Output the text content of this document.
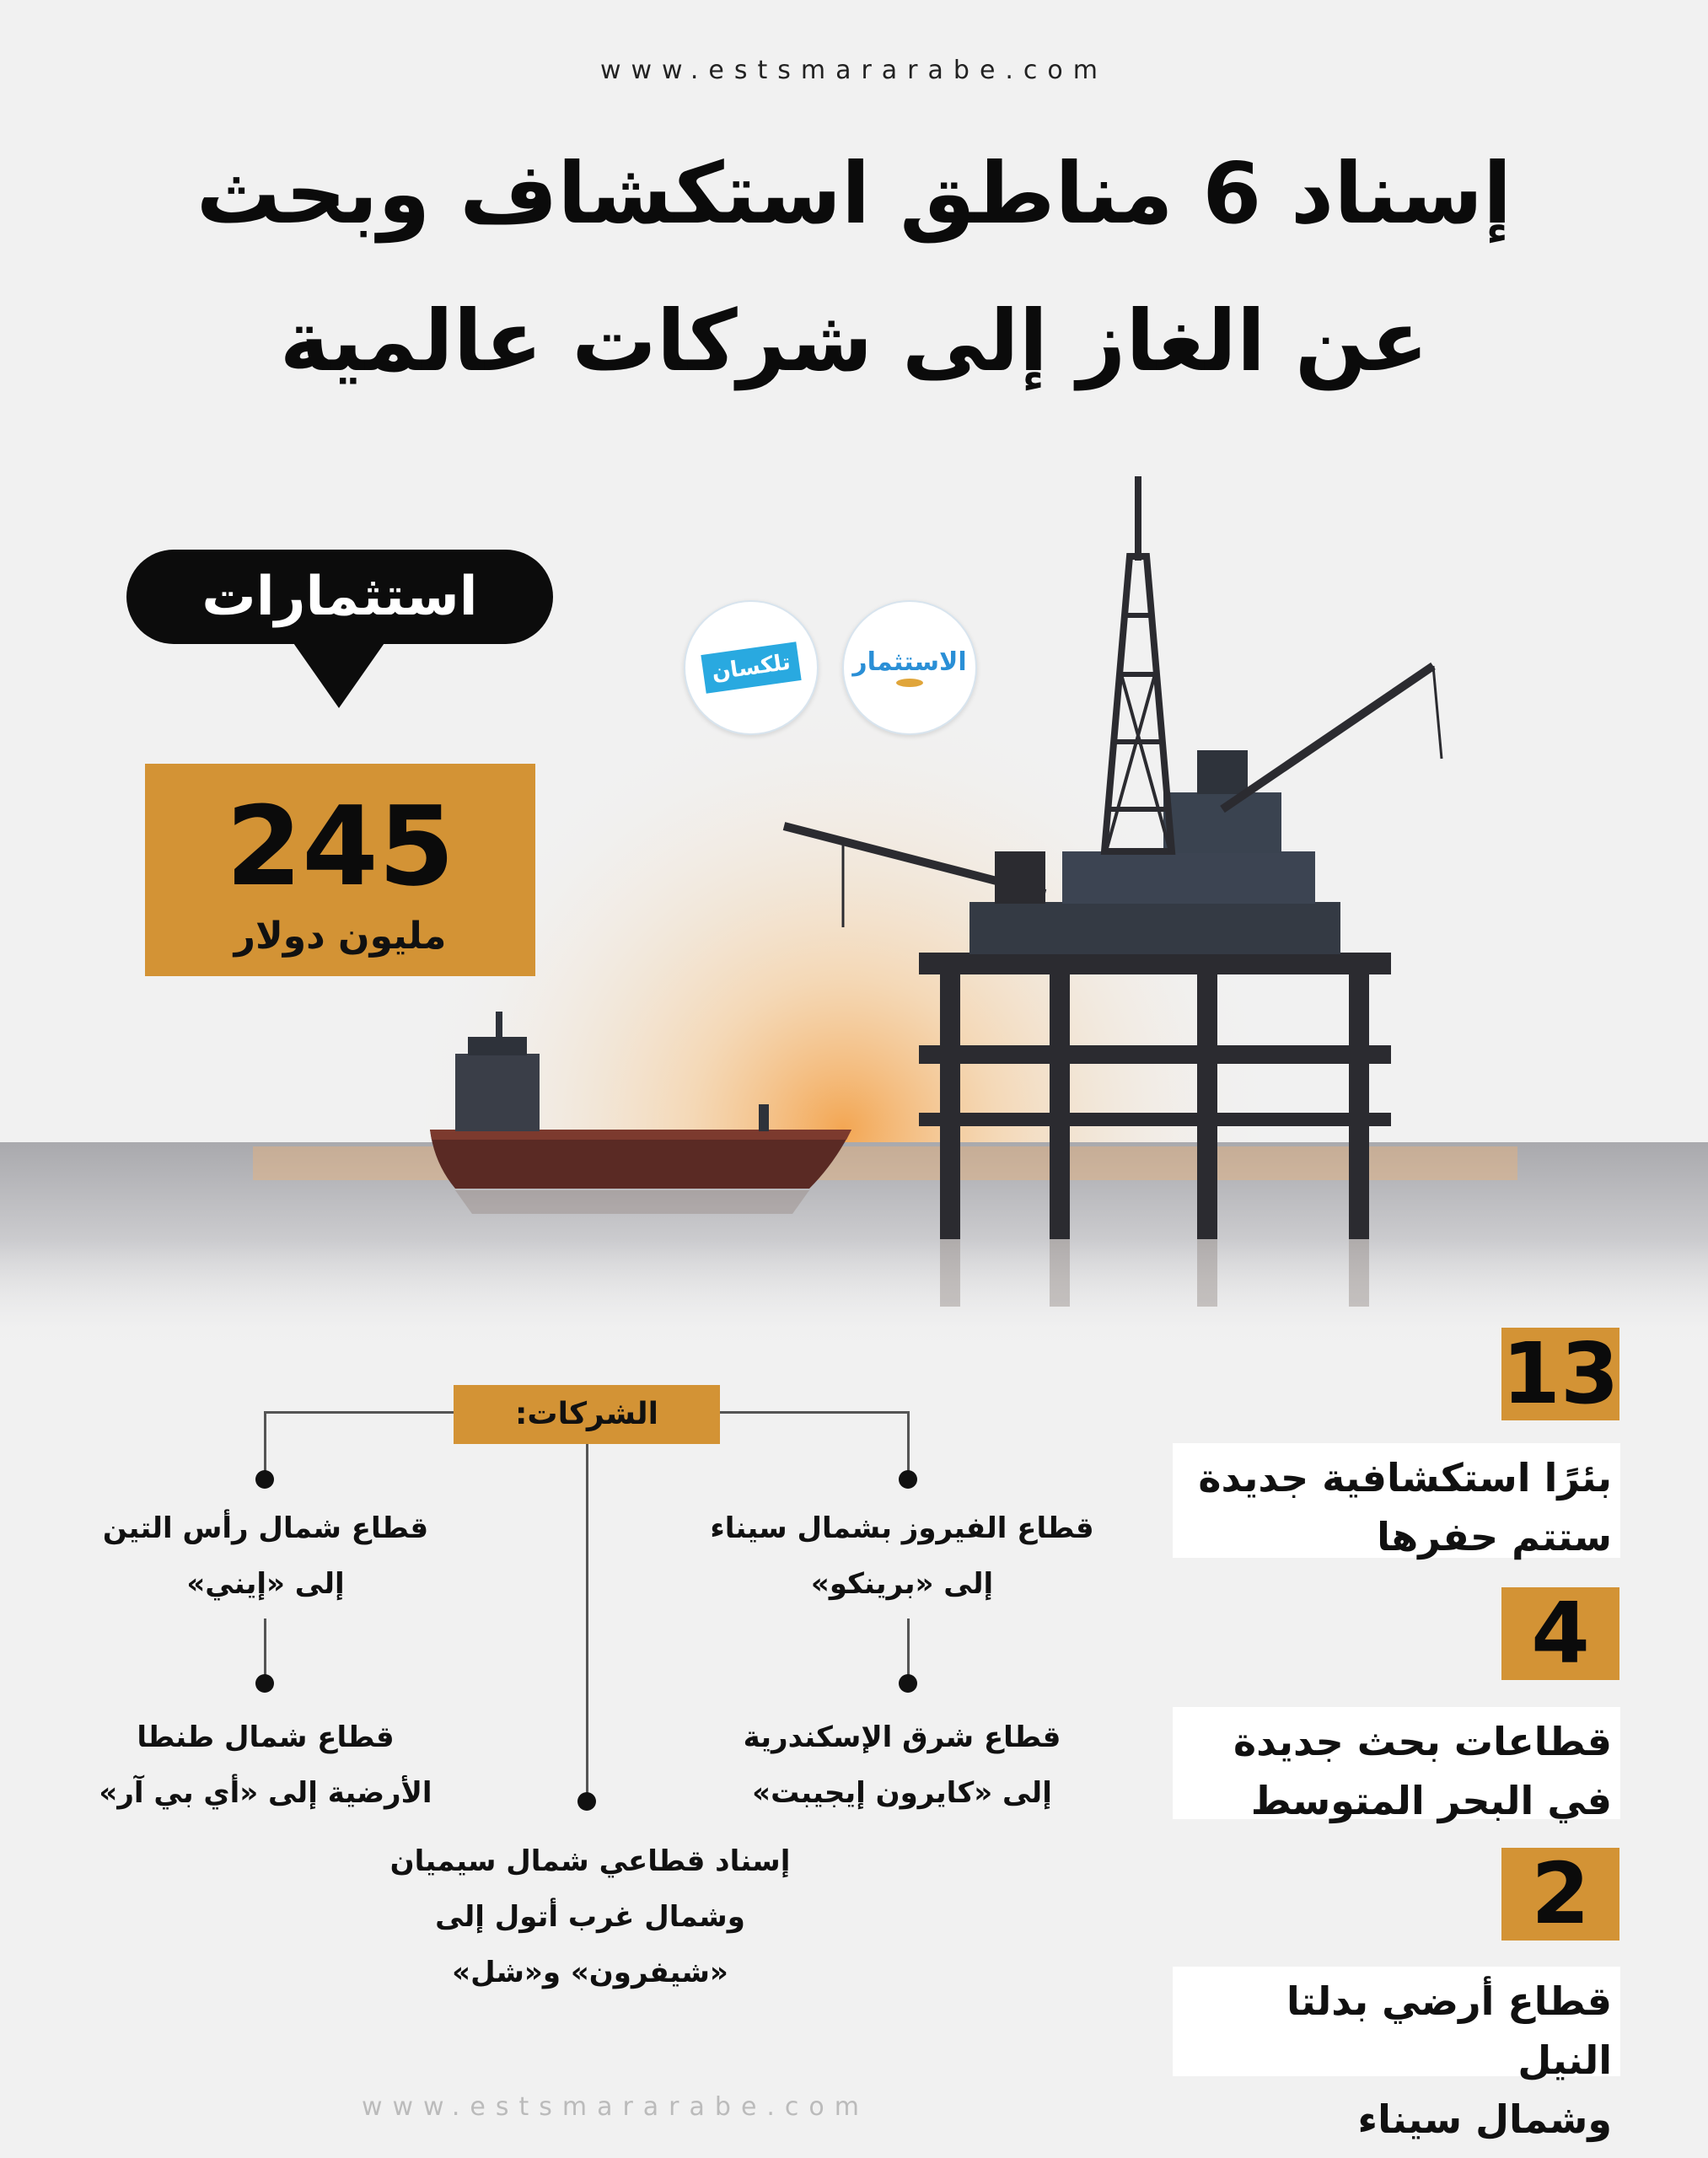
www.estsmararabe.com
إسناد 6 مناطق استكشاف وبحث
عن الغاز إلى شركات عالمية
استثمارات
245
مليون دولار
الاستثمار
تلكسان
13
بئرًا استكشافية جديدة
ستتم حفرها
4
قطاعات بحث جديدة
في البحر المتوسط
2
قطاع أرضي بدلتا النيل
وشمال سيناء
الشركات:
قطاع الفيروز بشمال سيناء
إلى «برينكو»
قطاع شمال رأس التين
إلى «إيني»
قطاع شرق الإسكندرية
إلى «كايرون إيجيبت»
قطاع شمال طنطا
الأرضية إلى «أي بي آر»
إسناد قطاعي شمال سيميان
وشمال غرب أتول إلى
«شيفرون» و«شل»
www.estsmararabe.com
